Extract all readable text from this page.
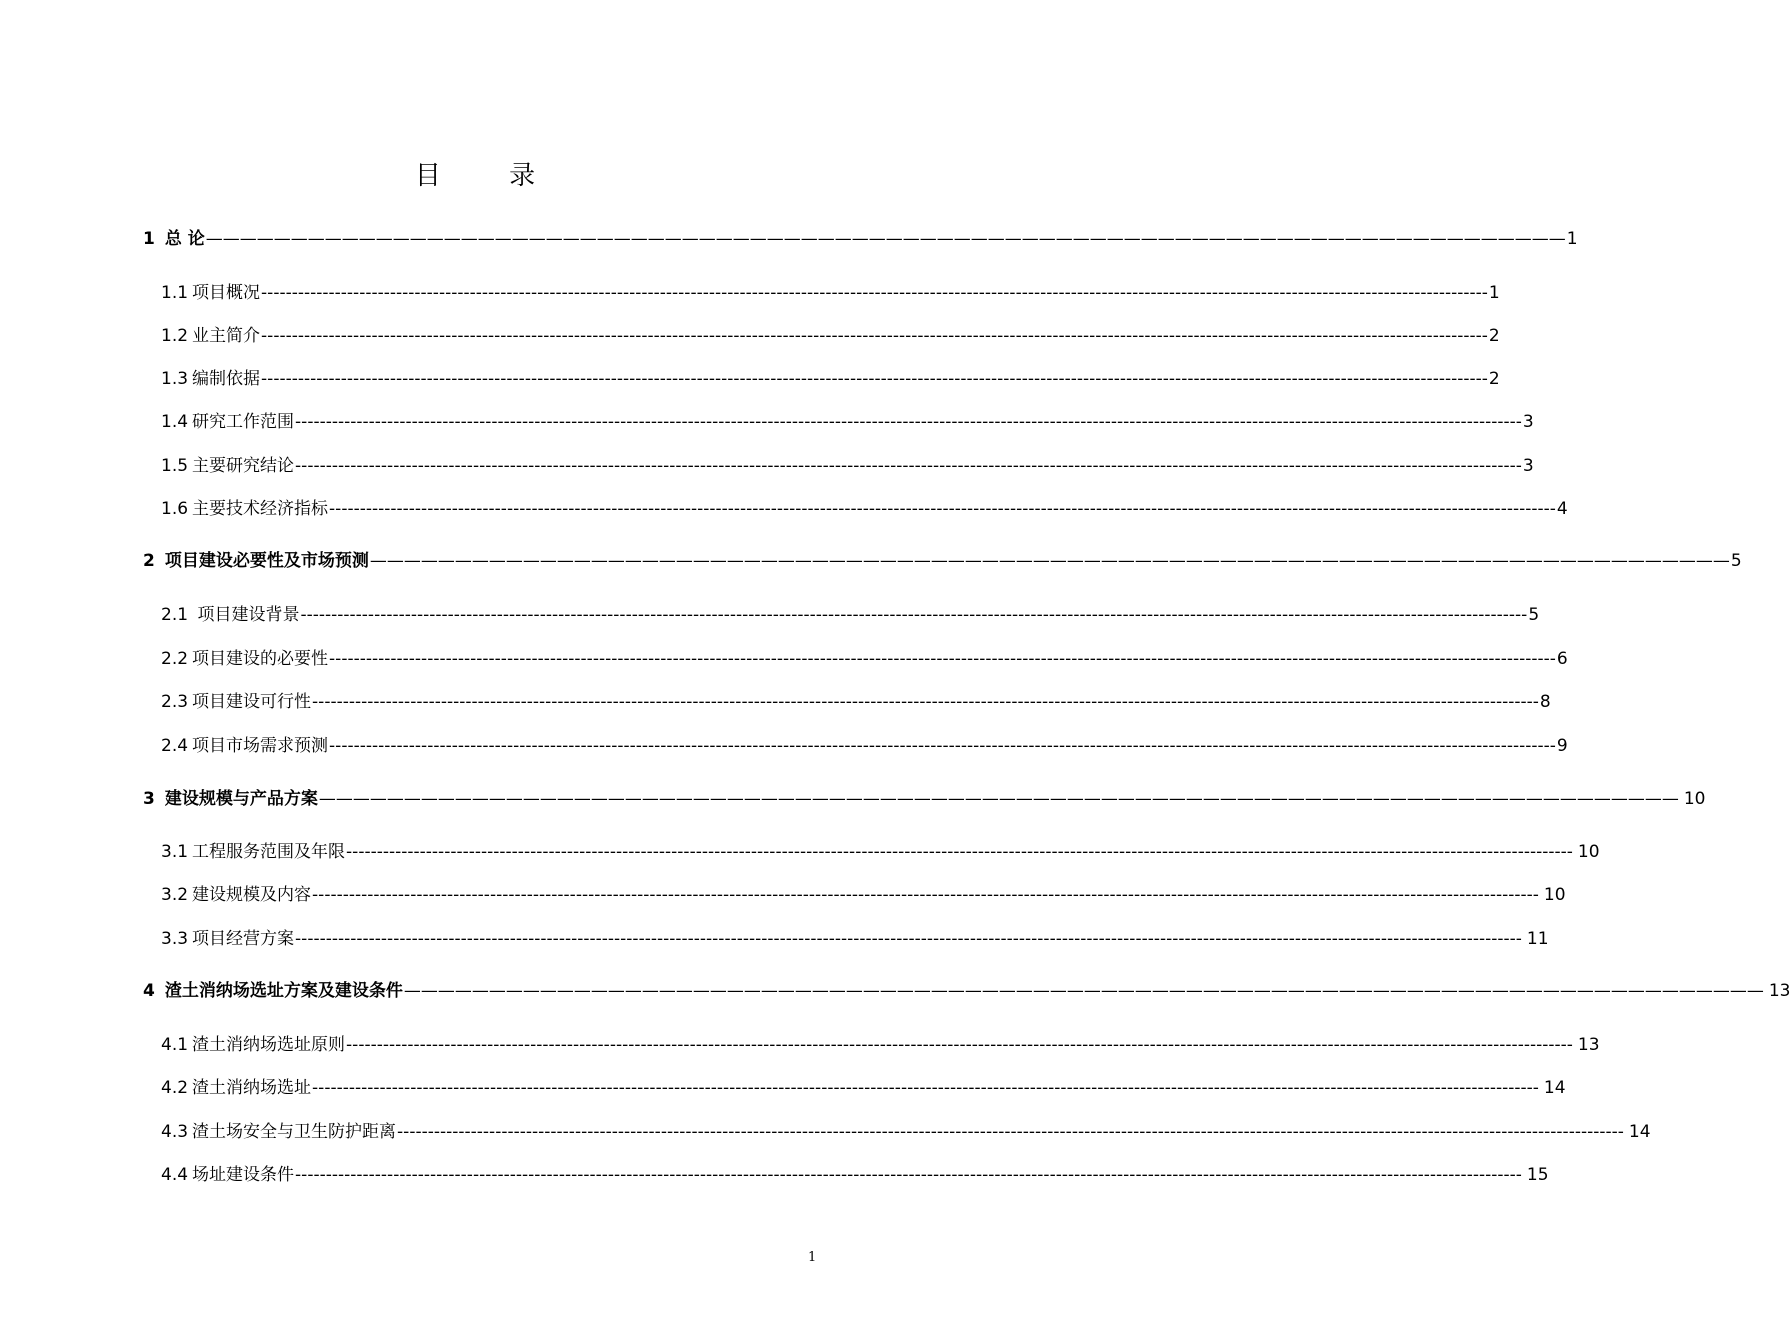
目 录
1 总 论 ———————————————————————————————————————————————————————————————————————————————— 1
1.1 项目概况 -------------------------------------------------------------------------------------------------------------------------------------------------------------------------------------------------------- 1
1.2 业主简介 -------------------------------------------------------------------------------------------------------------------------------------------------------------------------------------------------------- 2
1.3 编制依据 -------------------------------------------------------------------------------------------------------------------------------------------------------------------------------------------------------- 2
1.4 研究工作范围 -------------------------------------------------------------------------------------------------------------------------------------------------------------------------------------------------------- 3
1.5 主要研究结论 -------------------------------------------------------------------------------------------------------------------------------------------------------------------------------------------------------- 3
1.6 主要技术经济指标 -------------------------------------------------------------------------------------------------------------------------------------------------------------------------------------------------------- 4
2 项目建设必要性及市场预测 ———————————————————————————————————————————————————————————————————————————————— 5
2.1 项目建设背景 -------------------------------------------------------------------------------------------------------------------------------------------------------------------------------------------------------- 5
2.2 项目建设的必要性 -------------------------------------------------------------------------------------------------------------------------------------------------------------------------------------------------------- 6
2.3 项目建设可行性 -------------------------------------------------------------------------------------------------------------------------------------------------------------------------------------------------------- 8
2.4 项目市场需求预测 -------------------------------------------------------------------------------------------------------------------------------------------------------------------------------------------------------- 9
3 建设规模与产品方案 ———————————————————————————————————————————————————————————————————————————————— 10
3.1 工程服务范围及年限 -------------------------------------------------------------------------------------------------------------------------------------------------------------------------------------------------------- 10
3.2 建设规模及内容 -------------------------------------------------------------------------------------------------------------------------------------------------------------------------------------------------------- 10
3.3 项目经营方案 -------------------------------------------------------------------------------------------------------------------------------------------------------------------------------------------------------- 11
4 渣土消纳场选址方案及建设条件 ———————————————————————————————————————————————————————————————————————————————— 13
4.1 渣土消纳场选址原则 -------------------------------------------------------------------------------------------------------------------------------------------------------------------------------------------------------- 13
4.2 渣土消纳场选址 -------------------------------------------------------------------------------------------------------------------------------------------------------------------------------------------------------- 14
4.3 渣土场安全与卫生防护距离 -------------------------------------------------------------------------------------------------------------------------------------------------------------------------------------------------------- 14
4.4 场址建设条件 -------------------------------------------------------------------------------------------------------------------------------------------------------------------------------------------------------- 15
1
